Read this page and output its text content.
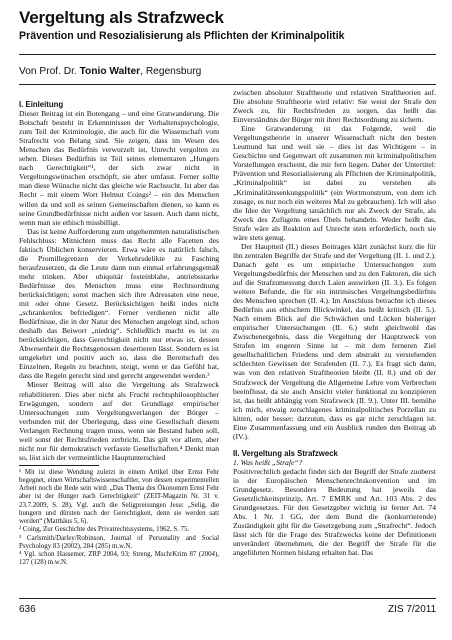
Vergeltung als Strafzweck
Prävention und Resozialisierung als Pflichten der Kriminalpolitik
Von Prof. Dr. Tonio Walter, Regensburg
I. Einleitung

Dieser Beitrag ist ein Botengang – und eine Gratwanderung. Die Botschaft besteht in Erkenntnissen der Verhaltenspsychologie, zum Teil der Kriminologie, die auch für die Wissenschaft vom Strafrecht von Belang sind. Sie zeigen, dass im Wesen des Menschen das Bedürfnis verwurzelt ist, Unrecht vergolten zu sehen. Dieses Bedürfnis ist Teil seines elementaren „Hungers nach Gerechtigkeit“¹, der sich zwar nicht in Vergeltungswünschen erschöpft, sie aber umfasst. Ferner sollte man diese Wünsche nicht das gleiche wie Rachsucht. Ist aber das Recht – mit einem Wort Helmut Coings² – ein des Menschen willen da und soll es seinen Gemeinschaften dienen, so kann es seine Grundbedürfnisse nicht außen vor lassen. Auch dann nicht, wenn man sie ethisch missbilligt.

Das ist keine Aufforderung zum ungehemmten naturalistischen Fehlschluss: Mitnichten muss das Recht alle Facetten des faktisch Üblichen konservieren. Etwa wäre es natürlich falsch, die Promillegrenzen der Verkehrsdelikte zu Fasching heraufzusetzen, da die Leute dann nun einmal erfahrungsgemäß mehr trinken. Aber ubiquitär festeinblahe, antriebsstarke Bedürfnisse des Menschen muss eine Rechtsordnung berücksichtigen; sonst machen sich ihre Adressaten eine neue, mit oder ohne Gesetz. Berücksichtigen heißt indes nicht „schrankenlos befriedigen“. Ferner verdienen nicht alle Bedürfnisse, die in der Natur des Menschen angelegt sind, schon deshalb das Beiwort „niedrig“. Schließlich macht es ist zu berücksichtigen, dass Gerechtigkeit nicht nur etwas ist, dessen Abwesenheit die Rechtsgenossen desertieren lässt. Sondern es ist umgekehrt und positiv auch so, dass die Bereitschaft des Einzelnen, Regeln zu beachten, steigt, wenn er das Gefühl hat, dass die Regeln gerecht sind und gerecht angewendet werden.³

Mieser Beitrag will also die Vergeltung als Strafzweck rehabilitieren. Dies aber nicht als Frucht rechtsphilosophischer Erwägungen, sondern auf der Grundlage empirischer Untersuchungen zum Vergeltungsverlangen der Bürger – verbunden mit der Überlegung, dass eine Gesellschaft diesem Verlangen Rechnung tragen muss, wenn sie Bestand haben soll, weil sonst der Rechtsfrieden zerbricht. Das gilt vor allem, aber nicht nur für demokratisch verfasste Gesellschaften.⁴ Denkt man so, löst sich der vermeintliche Hauptunterschied

¹ Mit ist diese Wendung zuletzt in einem Artikel über Ernst Fehr begegnet, einen Wirtschaftswissenschaftler, von dessen experimentellen Arbeit noch die Rede sein wird: „Das Thema des Ökonomen Ernst Fehr aber ist der Hunger nach Gerechtigkeit“ (ZEIT-Magazin Nr. 31 v. 23.7.2009, S. 28), Vgl. auch die Seligpreisungen Jesu: „Selig, die hungern und dürsten nach der Gerechtigkeit, denn sie werden satt werden“ (Matthäus 5, 6).

² Coing, Zur Geschichte des Privatrechtssystems, 1962, S. 75.

³ Carlsmith/Darley/Robinson, Journal of Personality and Social Psychology 83 (2002), 284 (285) m.w.N.

⁴ Vgl. schon Hassemer, ZRP 2004, 93; Streng, MschrKrim 87 (2004), 127 (128) m.w.N.

zwischen absoluter Straftheorie und relativen Straftheorien auf. Die absolute Straftheorie wird relativ: Sie weist der Strafe den Zweck zu, für Rechtsfrieden zu sorgen, das heißt das Einverständnis der Bürger mit ihrer Rechtsordnung zu sichern.

Eine Gratwanderung ist das Folgende, weil die Vergeltungstheorie in unserer Wissenschaft nicht den besten Leumund hat und weil sie – dies ist das Wichtigere – in Geschichte und Gegenwart oft zusammen mit kriminalpolitischen Vorstellungen erscheint, die mir fern liegen. Daher der Untertitel: Prävention und Resozialisierung als Pflichten der Kriminalpolitik, „Kriminalpolitik“ ist dabei zu verstehen als „Kriminalitätssenkungspolitik“ (ein Wortmonstrum, von dem ich zusage, es nur noch ein weiteres Mal zu gebrauchen). Ich will also die Idee der Vergeltung tatsächlich nur als Zweck der Strafe, als Zweck des Zufügens eines Übels behandeln. Weder heißt das, Strafe wäre als Reaktion auf Unrecht stets erforderlich, noch sie wäre stets genug.

Der Hauptteil (II.) dieses Beitrages klärt zunächst kurz die für ihn zentralen Begriffe der Strafe und der Vergeltung (II. 1. und 2.). Danach geht es um empirische Untersuchungen zum Vergeltungsbedürfnis der Menschen und zu den Faktoren, die sich auf die Strafzumessung durch Laien auswirken (II. 3.). Es folgen weitere Befunde, die für ein intrinsisches Vergeltungsbedürfnis des Menschen sprechen (II. 4.). Im Anschluss betrachte ich dieses Bedürfnis aus ethischem Blickwinkel, das heißt kritisch (II. 5.). Nach einem Blick auf die Schwächen und Lücken bisheriger empirischer Untersuchungen (II. 6.) steht gleichwohl das Zwischenergebnis, dass die Vergeltung der Hauptzweck von Strafen im engeren Sinne ist – mit dem ferneren Ziel gesellschaftlichen Friedens und dem abstrakt zu verstehenden schlechten Gewissen der Strafenden (II. 7.). Es fragt sich dann, was von den relativen Straftheorien bleibt (II. 8.) und ob der Strafzweck der Vergeltung die Allgemeine Lehre vom Verbrechen beeinflusst, da sie auch Ansicht vieler funktional zu konzipieren ist, das heißt abhängig vom Strafzweck (II. 9.). Unter III. bemühe ich mich, etwaig zerschlagenes kriminalpolitisches Porzellan zu kitten, oder besser: darzutun, dass es gar nicht zerschlagen ist. Eine Zusammenfassung und ein Ausblick runden den Beitrag ab (IV.).

II. Vergeltung als Strafzweck
1. Was heißt „Strafe“?

Positivrechtlich gedacht findet sich der Begriff der Strafe zuoberst in der Europäischen Menschenrechtskonvention und im Grundgesetz. Besonders Bedeutung hat jeweils das Gesetzlichkeitsprinzip, Art. 7 EMRK und Art. 103 Abs. 2 des Grundgesetzes. Für den Gesetzgeber wichtig ist ferner Art. 74 Abs. 1 Nr. 1 GG, der dem Bund die (konkurrierende) Zuständigkeit gibt für die Gesetzgebung zum „Strafrecht“. Jedoch lässt sich für die Frage des Strafzwecks keine der Definitionen unverändert übernehmen, die der Begriff der Strafe für die angeführten Normen bislang erhalten hat. Das

636	ZIS 7/2011
